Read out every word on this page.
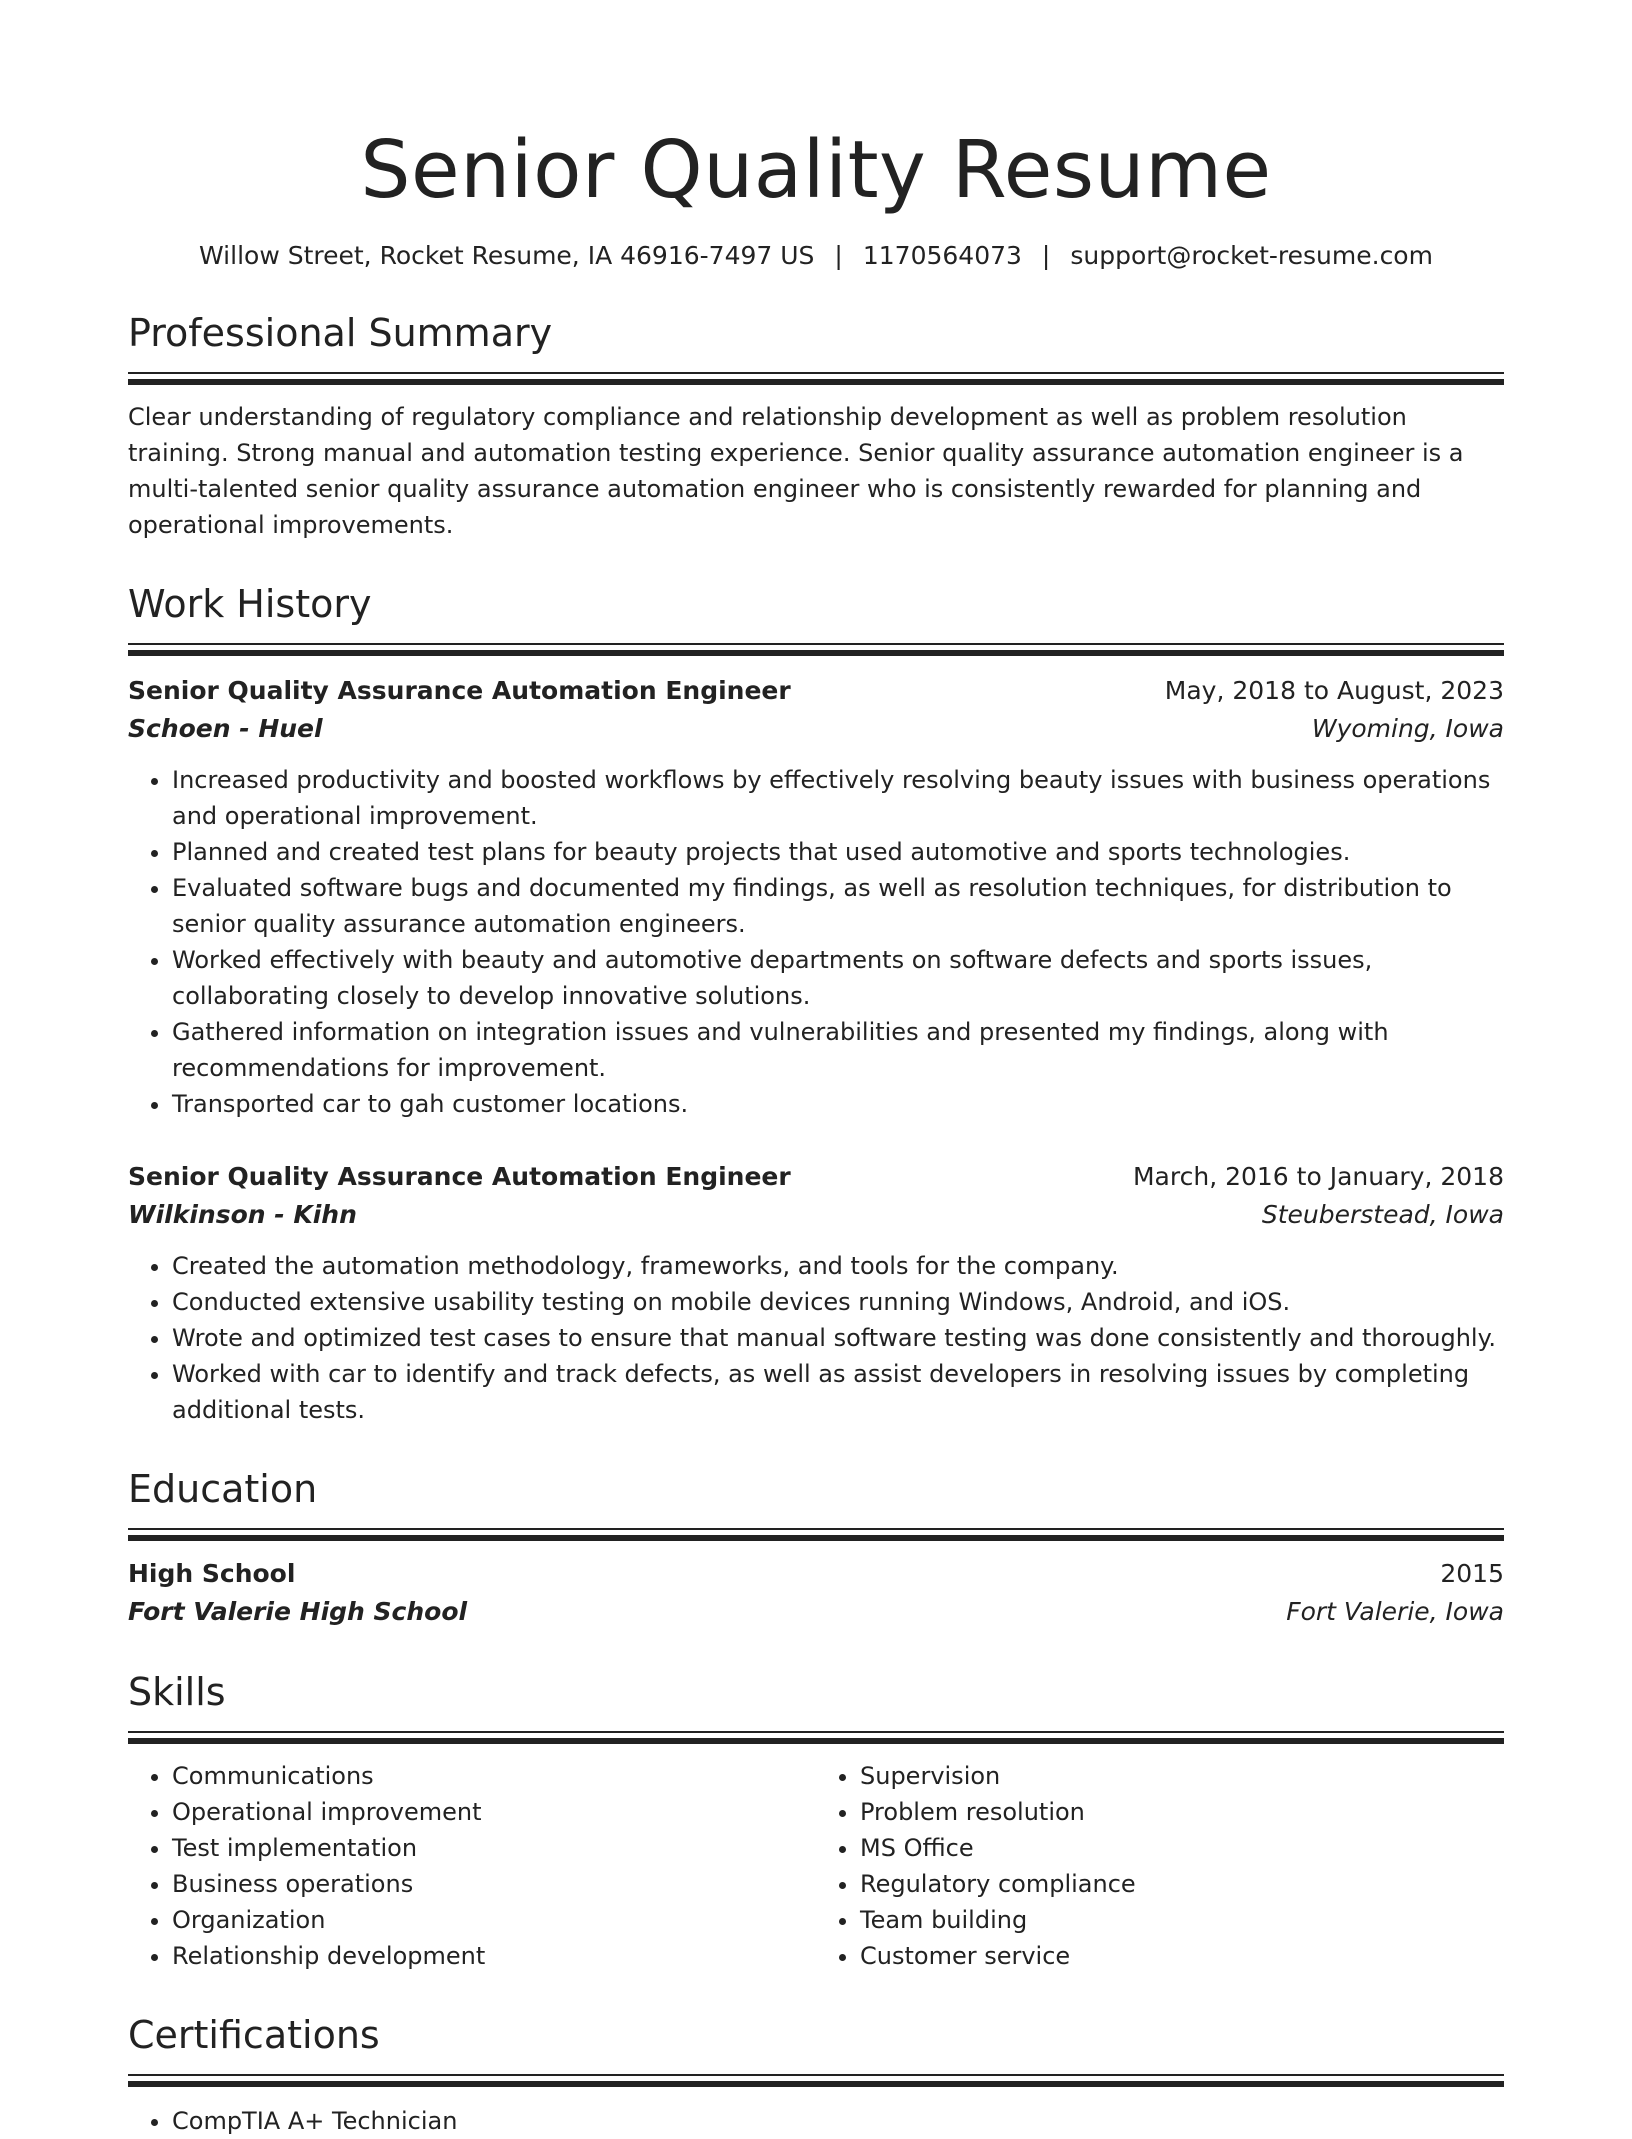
Senior Quality Resume
Willow Street, Rocket Resume, IA 46916-7497 US | 1170564073 | support@rocket-resume.com
Professional Summary
Clear understanding of regulatory compliance and relationship development as well as problem resolution training. Strong manual and automation testing experience. Senior quality assurance automation engineer is a multi-talented senior quality assurance automation engineer who is consistently rewarded for planning and operational improvements.
Work History
Senior Quality Assurance Automation Engineer	May, 2018 to August, 2023
Schoen - Huel	Wyoming, Iowa
• Increased productivity and boosted workflows by effectively resolving beauty issues with business operations and operational improvement.
• Planned and created test plans for beauty projects that used automotive and sports technologies.
• Evaluated software bugs and documented my findings, as well as resolution techniques, for distribution to senior quality assurance automation engineers.
• Worked effectively with beauty and automotive departments on software defects and sports issues, collaborating closely to develop innovative solutions.
• Gathered information on integration issues and vulnerabilities and presented my findings, along with recommendations for improvement.
• Transported car to gah customer locations.
Senior Quality Assurance Automation Engineer	March, 2016 to January, 2018
Wilkinson - Kihn	Steuberstead, Iowa
• Created the automation methodology, frameworks, and tools for the company.
• Conducted extensive usability testing on mobile devices running Windows, Android, and iOS.
• Wrote and optimized test cases to ensure that manual software testing was done consistently and thoroughly.
• Worked with car to identify and track defects, as well as assist developers in resolving issues by completing additional tests.
Education
High School	2015
Fort Valerie High School	Fort Valerie, Iowa
Skills
• Communications
• Operational improvement
• Test implementation
• Business operations
• Organization
• Relationship development
• Supervision
• Problem resolution
• MS Office
• Regulatory compliance
• Team building
• Customer service
Certifications
• CompTIA A+ Technician
